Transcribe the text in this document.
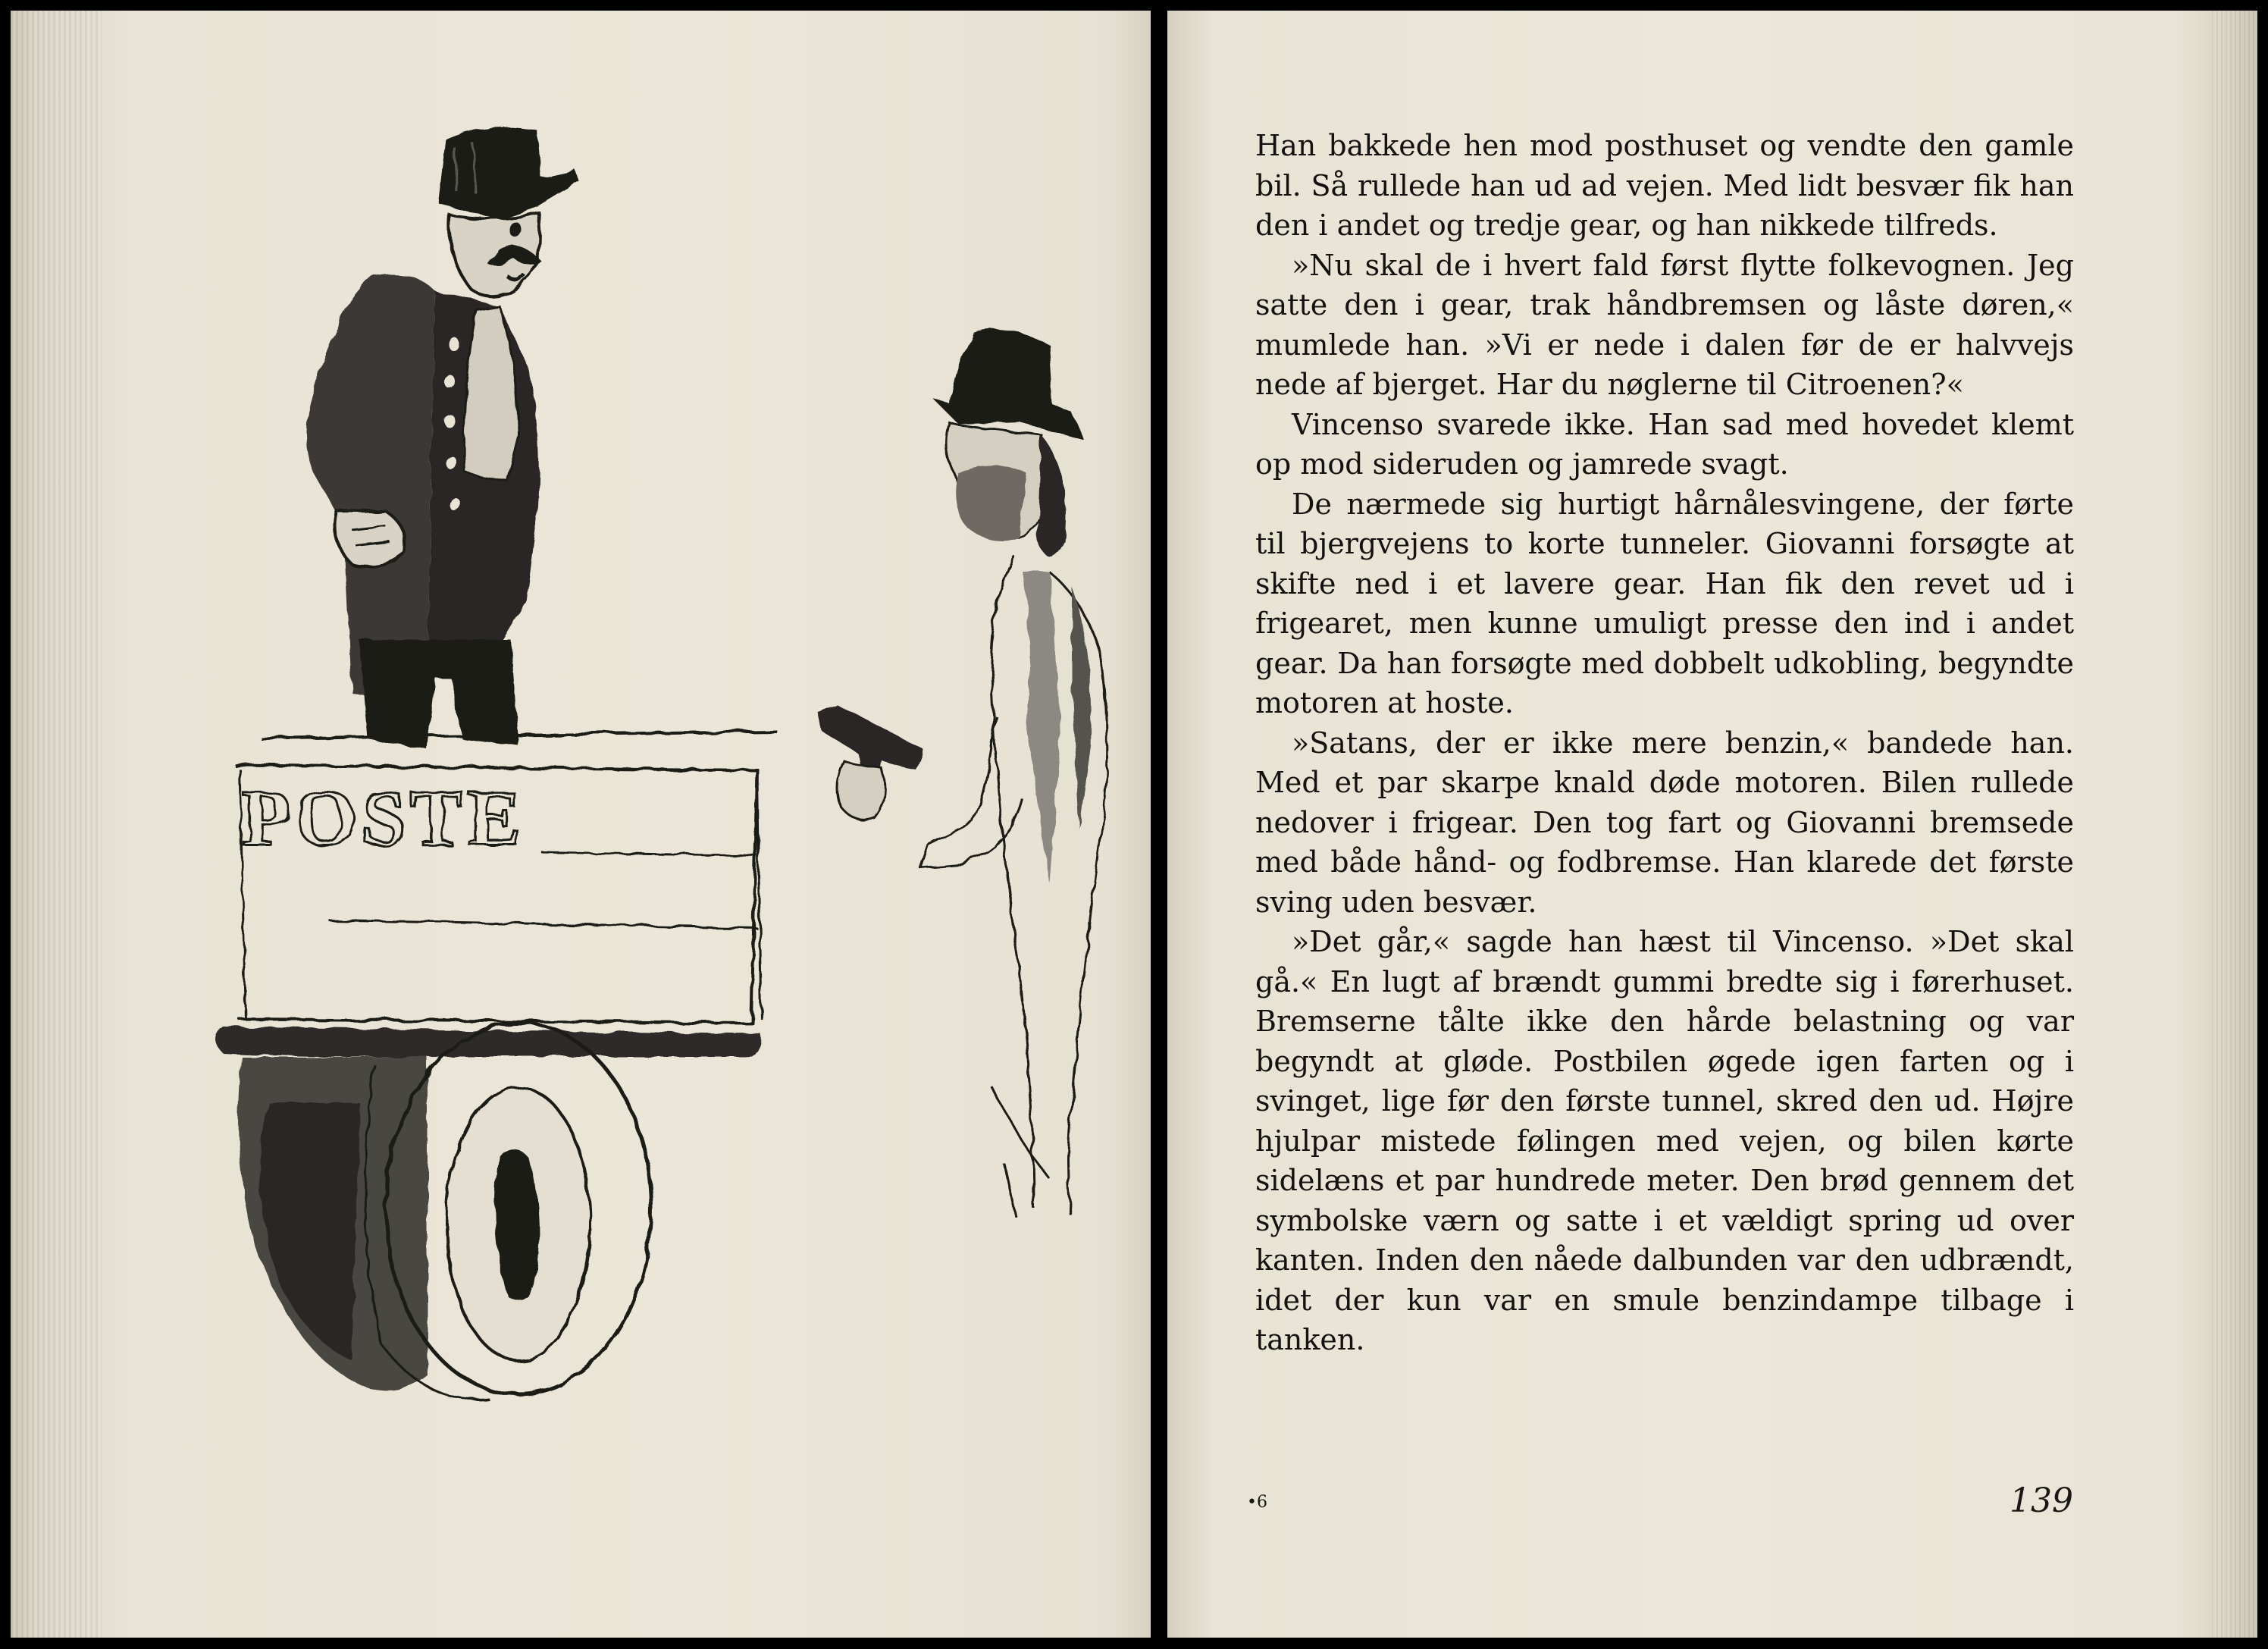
POSTE

Han bakkede hen mod posthuset og vendte den gamle bil. Så rullede han ud ad vejen. Med lidt besvær fik han den i andet og tredje gear, og han nikkede tilfreds.

»Nu skal de i hvert fald først flytte folkevognen. Jeg satte den i gear, trak håndbremsen og låste døren,« mumlede han. »Vi er nede i dalen før de er halvvejs nede af bjerget. Har du nøglerne til Citroenen?«

Vincenso svarede ikke. Han sad med hovedet klemt op mod sideruden og jamrede svagt.

De nærmede sig hurtigt hårnålesvingene, der førte til bjergvejens to korte tunneler. Giovanni forsøgte at skifte ned i et lavere gear. Han fik den revet ud i frigearet, men kunne umuligt presse den ind i andet gear. Da han forsøgte med dobbelt udkobling, begyndte motoren at hoste.

»Satans, der er ikke mere benzin,« bandede han. Med et par skarpe knald døde motoren. Bilen rullede nedover i frigear. Den tog fart og Giovanni bremsede med både hånd- og fodbremse. Han klarede det første sving uden besvær.

»Det går,« sagde han hæst til Vincenso. »Det skal gå.« En lugt af brændt gummi bredte sig i førerhuset. Bremserne tålte ikke den hårde belastning og var begyndt at gløde. Postbilen øgede igen farten og i svinget, lige før den første tunnel, skred den ud. Højre hjulpar mistede følingen med vejen, og bilen kørte sidelæns et par hundrede meter. Den brød gennem det symbolske værn og satte i et vældigt spring ud over kanten. Inden den nåede dalbunden var den udbrændt, idet der kun var en smule benzindampe tilbage i tanken.

•6	139
